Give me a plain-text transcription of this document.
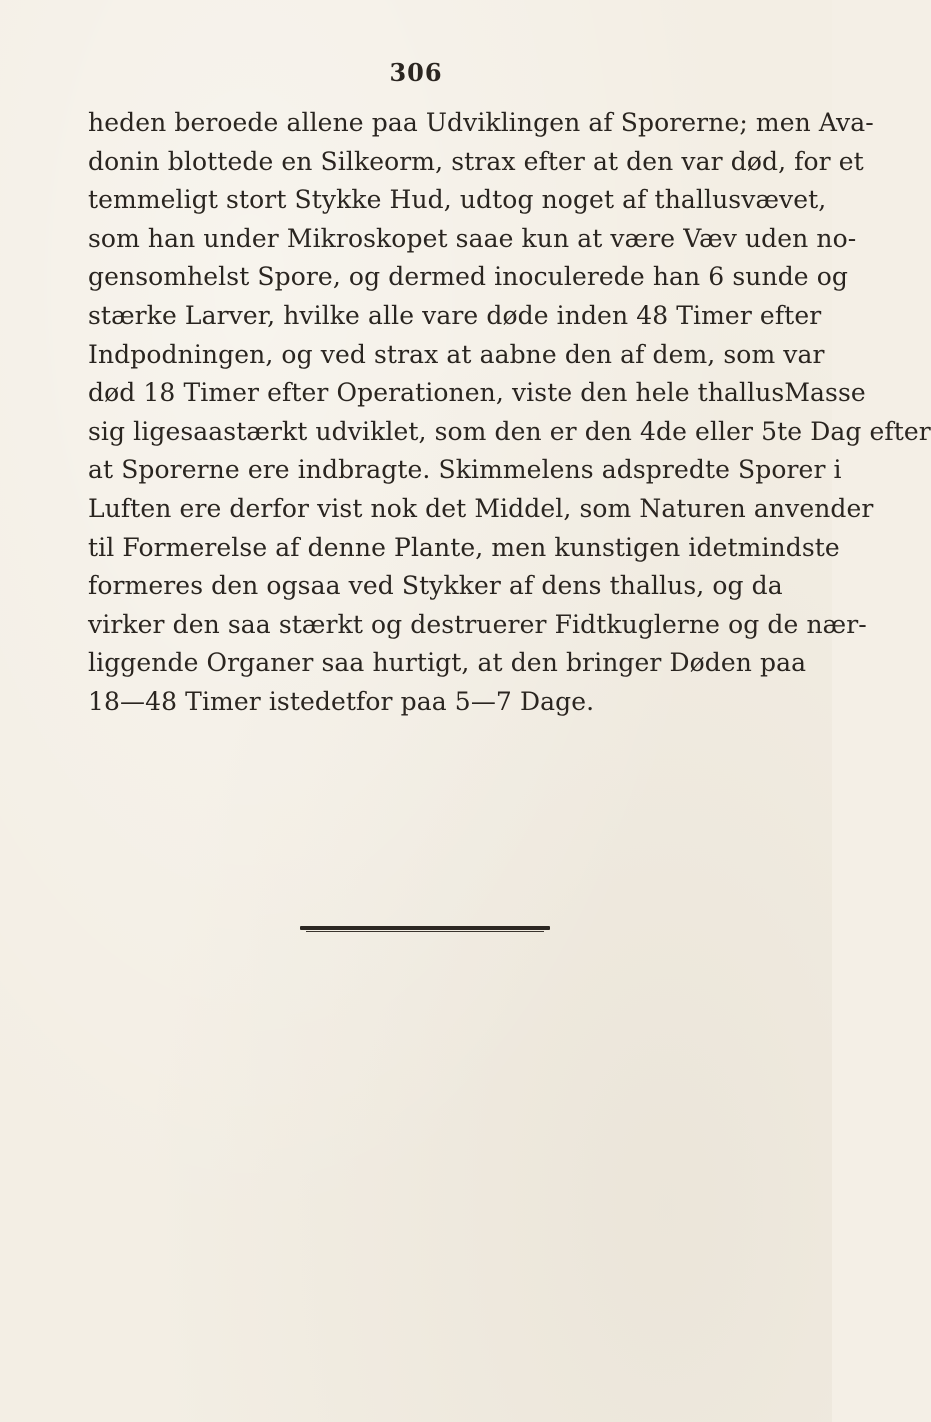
306
heden beroede allene paa Udviklingen af Sporerne; men Ava-
donin blottede en Silkeorm, strax efter at den var død, for et
temmeligt stort Stykke Hud, udtog noget af thallusvævet,
som han under Mikroskopet saae kun at være Væv uden no-
gensomhelst Spore, og dermed inoculerede han 6 sunde og
stærke Larver, hvilke alle vare døde inden 48 Timer efter
Indpodningen, og ved strax at aabne den af dem, som var
død 18 Timer efter Operationen, viste den hele thallusMasse
sig ligesaastærkt udviklet, som den er den 4de eller 5te Dag efter
at Sporerne ere indbragte. Skimmelens adspredte Sporer i
Luften ere derfor vist nok det Middel, som Naturen anvender
til Formerelse af denne Plante, men kunstigen idetmindste
formeres den ogsaa ved Stykker af dens thallus, og da
virker den saa stærkt og destruerer Fidtkuglerne og de nær-
liggende Organer saa hurtigt, at den bringer Døden paa
18—48 Timer istedetfor paa 5—7 Dage.
